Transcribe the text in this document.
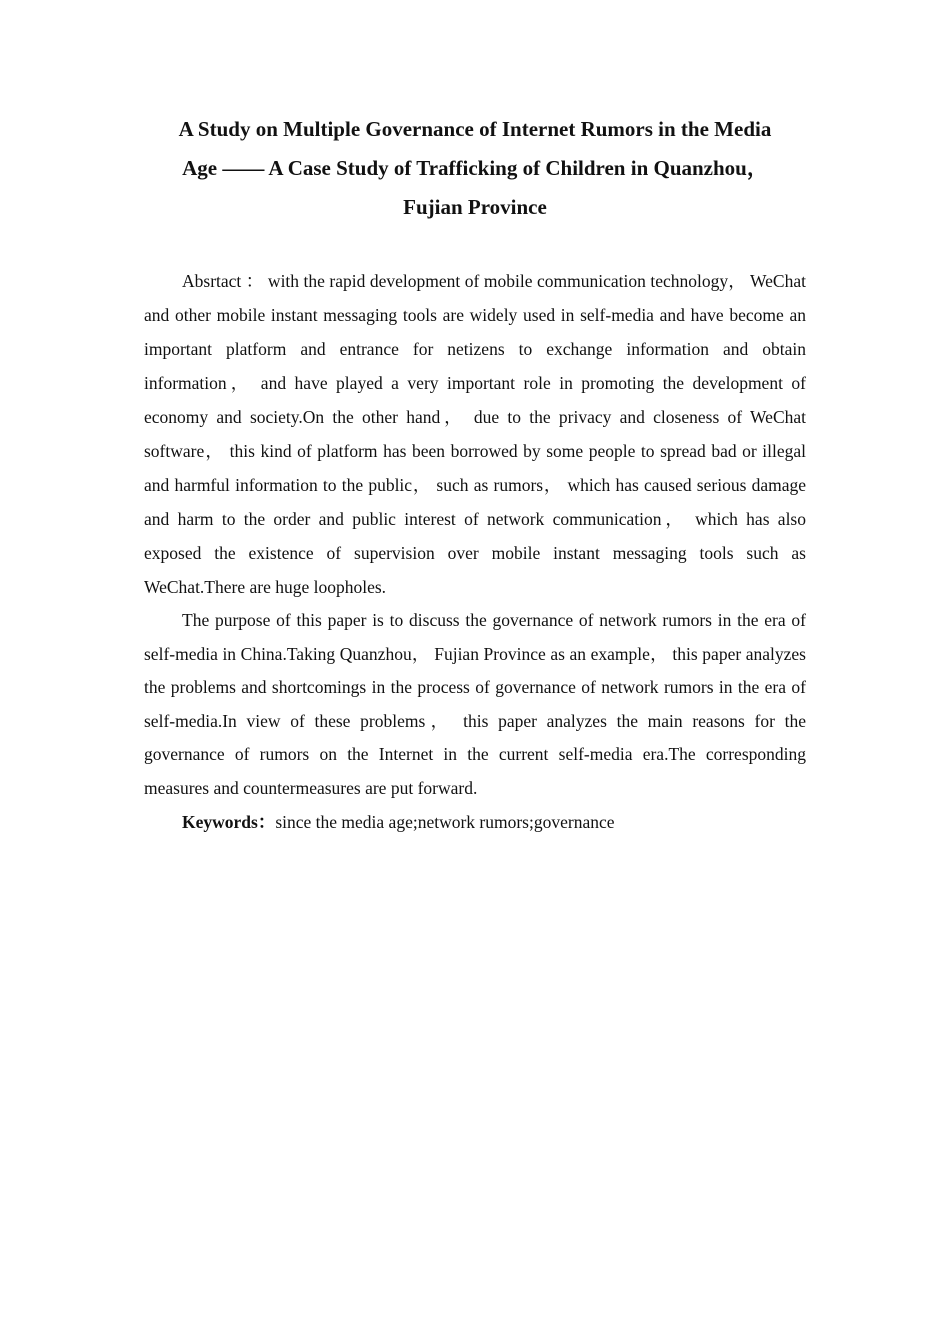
A Study on Multiple Governance of Internet Rumors in the Media
Age —— A Case Study of Trafficking of Children in Quanzhou，
Fujian Province

Absrtact ： with the rapid development of mobile communication technology， WeChat and other mobile instant messaging tools are widely used in self-media and have become an important platform and entrance for netizens to exchange information and obtain information， and have played a very important role in promoting the development of economy and society.On the other hand， due to the privacy and closeness of WeChat software， this kind of platform has been borrowed by some people to spread bad or illegal and harmful information to the public， such as rumors， which has caused serious damage and harm to the order and public interest of network communication， which has also exposed the existence of supervision over mobile instant messaging tools such as WeChat.There are huge loopholes.

The purpose of this paper is to discuss the governance of network rumors in the era of self-media in China.Taking Quanzhou， Fujian Province as an example， this paper analyzes the problems and shortcomings in the process of governance of network rumors in the era of self-media.In view of these problems， this paper analyzes the main reasons for the governance of rumors on the Internet in the current self-media era.The corresponding measures and countermeasures are put forward.

Keywords：since the media age;network rumors;governance
